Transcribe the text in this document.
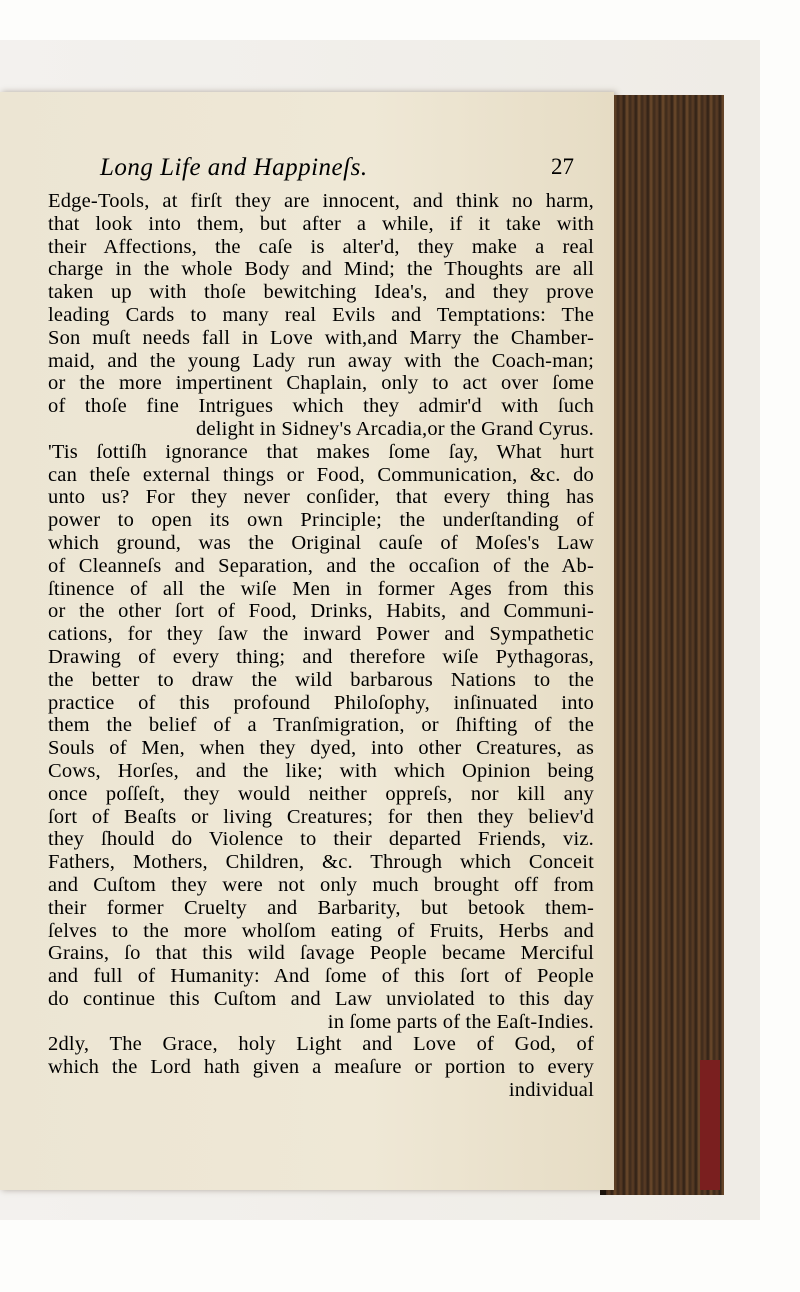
Long Life and Happineſs.	27
Edge-Tools, at firſt they are innocent, and think no harm,
that look into them, but after a while, if it take with
their Affections, the caſe is alter'd, they make a real
charge in the whole Body and Mind; the Thoughts are all
taken up with thoſe bewitching Idea's, and they prove
leading Cards to many real Evils and Temptations: The
Son muſt needs fall in Love with,and Marry the Chamber-
maid, and the young Lady run away with the Coach-man;
or the more impertinent Chaplain, only to act over ſome
of thoſe fine Intrigues which they admir'd with ſuch
delight in Sidney's Arcadia,or the Grand Cyrus.
'Tis ſottiſh ignorance that makes ſome ſay, What hurt
can theſe external things or Food, Communication, &c. do
unto us? For they never conſider, that every thing has
power to open its own Principle; the underſtanding of
which ground, was the Original cauſe of Moſes's Law
of Cleanneſs and Separation, and the occaſion of the Ab-
ſtinence of all the wiſe Men in former Ages from this
or the other ſort of Food, Drinks, Habits, and Communi-
cations, for they ſaw the inward Power and Sympathetic
Drawing of every thing; and therefore wiſe Pythagoras,
the better to draw the wild barbarous Nations to the
practice of this profound Philoſophy, inſinuated into
them the belief of a Tranſmigration, or ſhifting of the
Souls of Men, when they dyed, into other Creatures, as
Cows, Horſes, and the like; with which Opinion being
once poſſeſt, they would neither oppreſs, nor kill any
ſort of Beaſts or living Creatures; for then they believ'd
they ſhould do Violence to their departed Friends, viz.
Fathers, Mothers, Children, &c. Through which Conceit
and Cuſtom they were not only much brought off from
their former Cruelty and Barbarity, but betook them-
ſelves to the more wholſom eating of Fruits, Herbs and
Grains, ſo that this wild ſavage People became Merciful
and full of Humanity: And ſome of this ſort of People
do continue this Cuſtom and Law unviolated to this day
in ſome parts of the Eaſt-Indies.
2dly, The Grace, holy Light and Love of God, of
which the Lord hath given a meaſure or portion to every
individual
